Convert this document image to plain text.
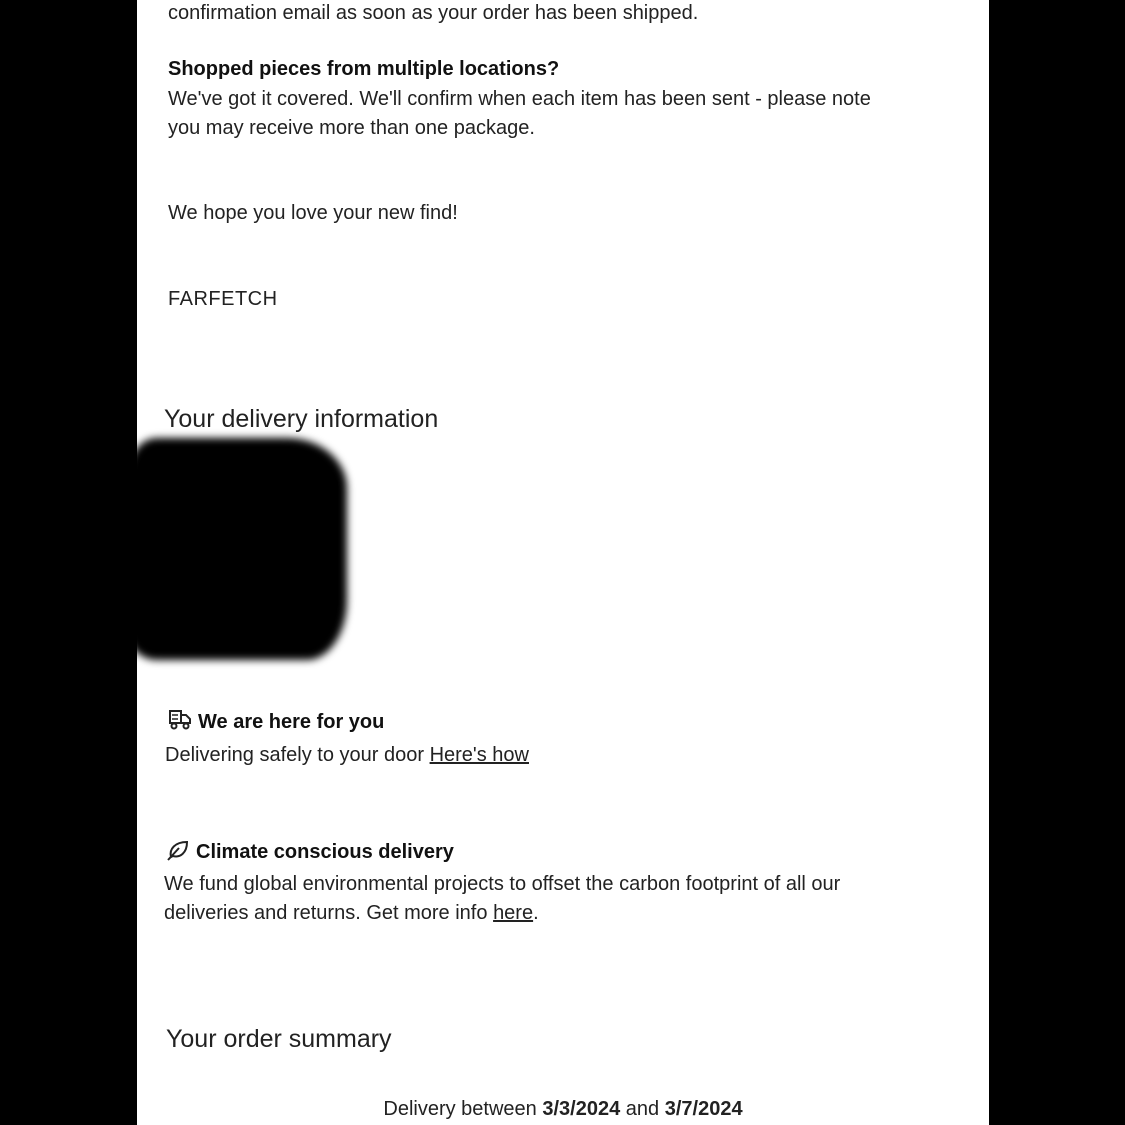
confirmation email as soon as your order has been shipped.

Shopped pieces from multiple locations?

We've got it covered. We'll confirm when each item has been sent - please note

you may receive more than one package.

We hope you love your new find!

FARFETCH

Your delivery information

We are here for you

Delivering safely to your door Here's how

Climate conscious delivery

We fund global environmental projects to offset the carbon footprint of all our

deliveries and returns. Get more info here.

Your order summary

Delivery between 3/3/2024 and 3/7/2024
